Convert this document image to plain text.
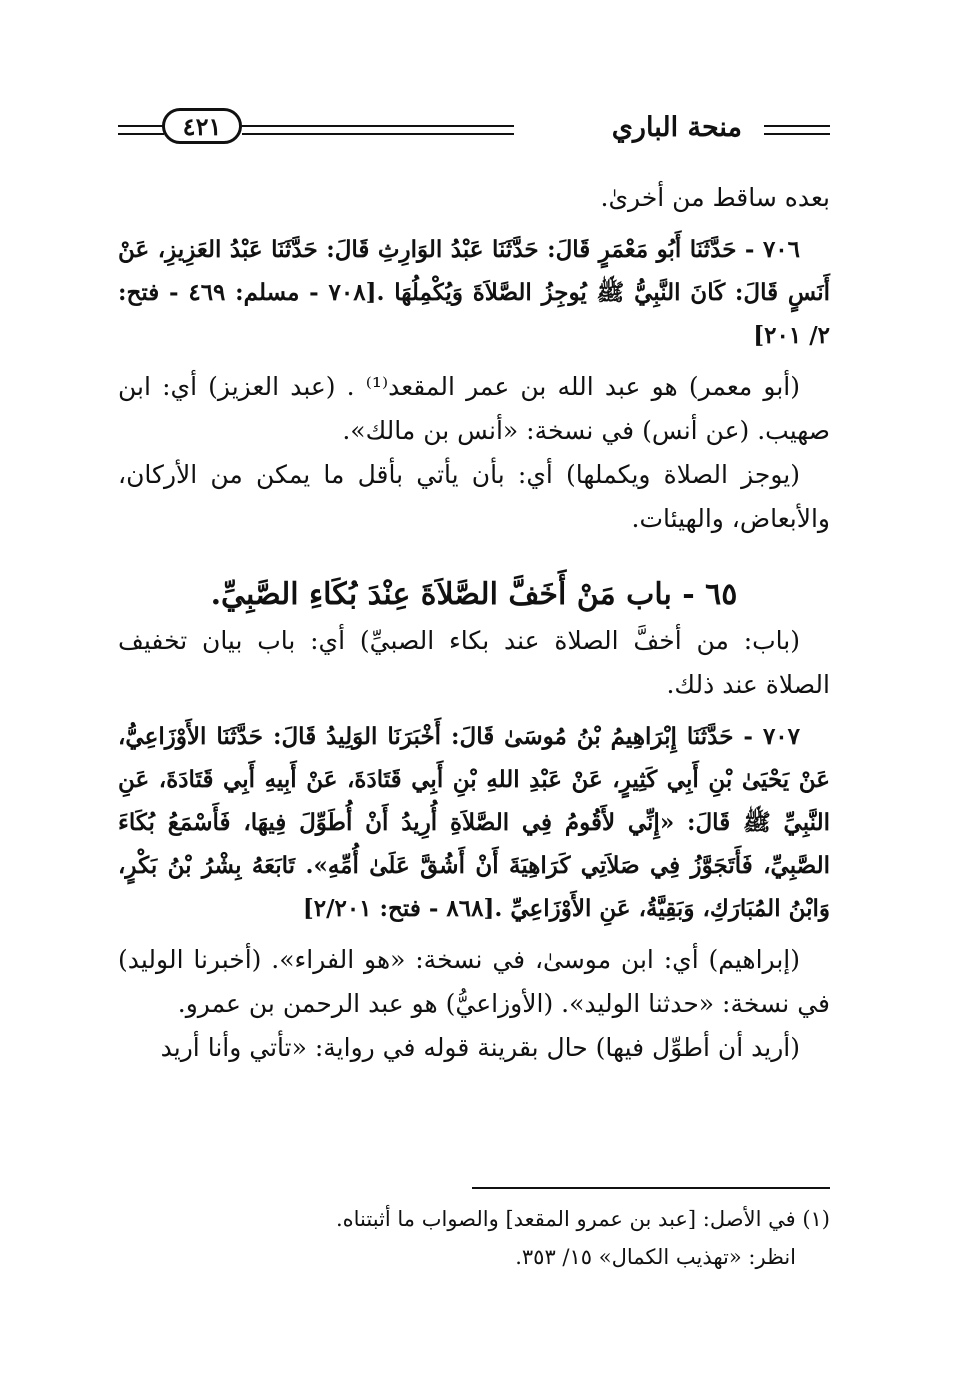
منحة الباري
٤٢١

بعده ساقط من أخرىٰ.

٧٠٦ - حَدَّثَنَا أَبُو مَعْمَرٍ قَالَ: حَدَّثَنَا عَبْدُ الوَارِثِ قَالَ: حَدَّثَنَا عَبْدُ العَزِيزِ، عَنْ أَنَسٍ قَالَ: كَانَ النَّبِيُّ ﷺ يُوجِزُ الصَّلاَةَ وَيُكْمِلُهَا .[٧٠٨ - مسلم: ٤٦٩ - فتح: ٢/ ٢٠١]

(أبو معمر) هو عبد الله بن عمر المقعد⁽¹⁾ . (عبد العزيز) أي: ابن صهيب. (عن أنس) في نسخة: «أنس بن مالك».

(يوجز الصلاة ويكملها) أي: بأن يأتي بأقل ما يمكن من الأركان، والأبعاض، والهيئات.

٦٥ - باب مَنْ أَخَفَّ الصَّلاَةَ عِنْدَ بُكَاءِ الصَّبِيِّ.

(باب: من أخفَّ الصلاة عند بكاء الصبيِّ) أي: باب بيان تخفيف الصلاة عند ذلك.

٧٠٧ - حَدَّثَنَا إِبْرَاهِيمُ بْنُ مُوسَىٰ قَالَ: أَخْبَرَنَا الوَلِيدُ قَالَ: حَدَّثَنَا الأَوْزَاعِيُّ، عَنْ يَحْيَىٰ بْنِ أَبِي كَثِيرٍ، عَنْ عَبْدِ اللهِ بْنِ أَبِي قَتَادَةَ، عَنْ أَبِيهِ أَبِي قَتَادَةَ، عَنِ النَّبِيِّ ﷺ قَالَ: «إِنِّي لأَقُومُ فِي الصَّلاَةِ أُرِيدُ أَنْ أُطَوِّلَ فِيهَا، فَأَسْمَعُ بُكَاءَ الصَّبِيِّ، فَأَتَجَوَّزُ فِي صَلاَتِي كَرَاهِيَةَ أَنْ أَشُقَّ عَلَىٰ أُمِّهِ». تَابَعَهُ بِشْرُ بْنُ بَكْرٍ، وَابْنُ المُبَارَكِ، وَبَقِيَّةُ، عَنِ الأَوْزَاعِيِّ .[٨٦٨ - فتح: ٢/٢٠١]

(إبراهيم) أي: ابن موسىٰ، في نسخة: «هو الفراء». (أخبرنا الوليد) في نسخة: «حدثنا الوليد». (الأوزاعيُّ) هو عبد الرحمن بن عمرو.

(أريد أن أطوِّل فيها) حال بقرينة قوله في رواية: «تأتي وأنا أريد

(١) في الأصل: [عبد بن عمرو المقعد] والصواب ما أثبتناه.

انظر: «تهذيب الكمال» ١٥/ ٣٥٣.
